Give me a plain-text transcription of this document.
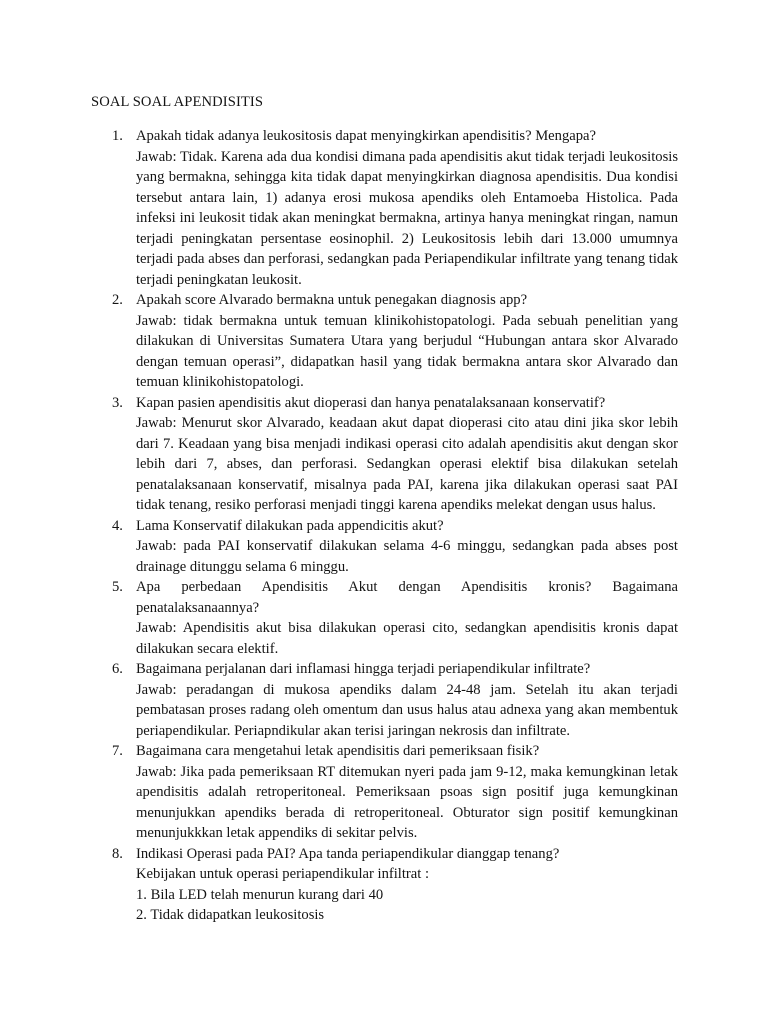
SOAL SOAL APENDISITIS
1. Apakah tidak adanya leukositosis dapat menyingkirkan apendisitis? Mengapa?

Jawab: Tidak. Karena ada dua kondisi dimana pada apendisitis akut tidak terjadi leukositosis yang bermakna, sehingga kita tidak dapat menyingkirkan diagnosa apendisitis. Dua kondisi tersebut antara lain, 1) adanya erosi mukosa apendiks oleh Entamoeba Histolica. Pada infeksi ini leukosit tidak akan meningkat bermakna, artinya hanya meningkat ringan, namun terjadi peningkatan persentase eosinophil. 2) Leukositosis lebih dari 13.000 umumnya terjadi pada abses dan perforasi, sedangkan pada Periapendikular infiltrate yang tenang tidak terjadi peningkatan leukosit.

2. Apakah score Alvarado bermakna untuk penegakan diagnosis app?

Jawab: tidak bermakna untuk temuan klinikohistopatologi. Pada sebuah penelitian yang dilakukan di Universitas Sumatera Utara yang berjudul “Hubungan antara skor Alvarado dengan temuan operasi”, didapatkan hasil yang tidak bermakna antara skor Alvarado dan temuan klinikohistopatologi.

3. Kapan pasien apendisitis akut dioperasi dan hanya penatalaksanaan konservatif?

Jawab: Menurut skor Alvarado, keadaan akut dapat dioperasi cito atau dini jika skor lebih dari 7. Keadaan yang bisa menjadi indikasi operasi cito adalah apendisitis akut dengan skor lebih dari 7, abses, dan perforasi. Sedangkan operasi elektif bisa dilakukan setelah penatalaksanaan konservatif, misalnya pada PAI, karena jika dilakukan operasi saat PAI tidak tenang, resiko perforasi menjadi tinggi karena apendiks melekat dengan usus halus.

4. Lama Konservatif dilakukan pada appendicitis akut?

Jawab: pada PAI konservatif dilakukan selama 4-6 minggu, sedangkan pada abses post drainage ditunggu selama 6 minggu.

5. Apa perbedaan Apendisitis Akut dengan Apendisitis kronis? Bagaimana penatalaksanaannya?

Jawab: Apendisitis akut bisa dilakukan operasi cito, sedangkan apendisitis kronis dapat dilakukan secara elektif.

6. Bagaimana perjalanan dari inflamasi hingga terjadi periapendikular infiltrate?

Jawab: peradangan di mukosa apendiks dalam 24-48 jam. Setelah itu akan terjadi pembatasan proses radang oleh omentum dan usus halus atau adnexa yang akan membentuk periapendikular. Periapndikular akan terisi jaringan nekrosis dan infiltrate.

7. Bagaimana cara mengetahui letak apendisitis dari pemeriksaan fisik?

Jawab: Jika pada pemeriksaan RT ditemukan nyeri pada jam 9-12, maka kemungkinan letak apendisitis adalah retroperitoneal. Pemeriksaan psoas sign positif juga kemungkinan menunjukkan apendiks berada di retroperitoneal. Obturator sign positif kemungkinan menunjukkkan letak appendiks di sekitar pelvis.

8. Indikasi Operasi pada PAI? Apa tanda periapendikular dianggap tenang?

Kebijakan untuk operasi periapendikular infiltrat :

1. Bila LED telah menurun kurang dari 40

2. Tidak didapatkan leukositosis
